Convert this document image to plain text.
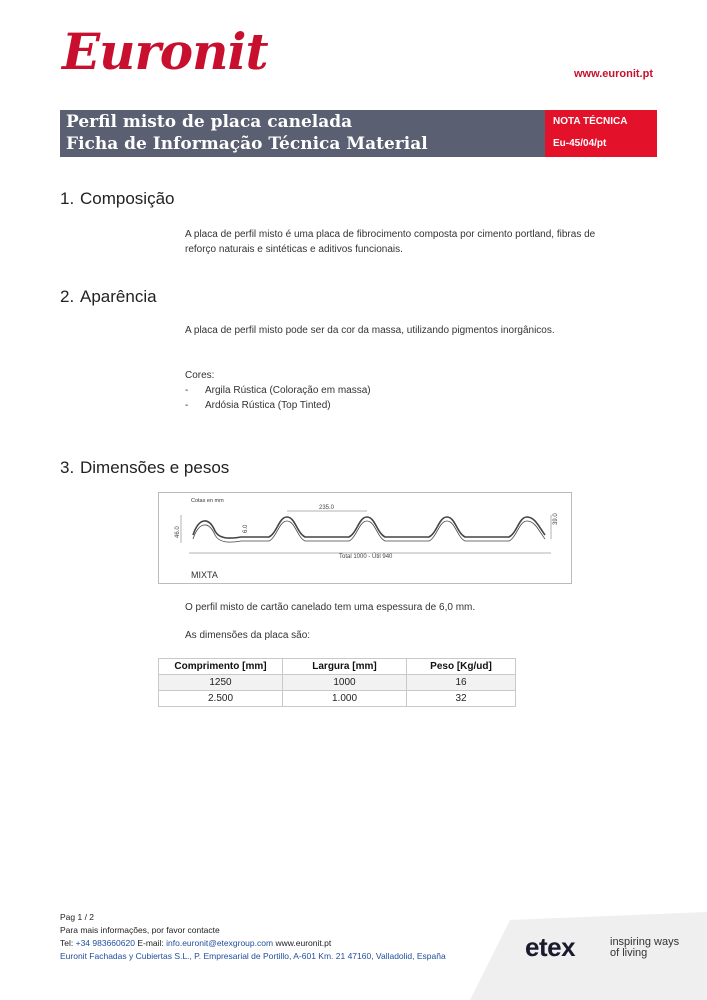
Euronit	www.euronit.pt
Perfil misto de placa canelada
Ficha de Informação Técnica Material
NOTA TÉCNICA
Eu-45/04/pt
1. Composição
A placa de perfil misto é uma placa de fibrocimento composta por cimento portland, fibras de
reforço naturais e sintéticas e aditivos funcionais.
2. Aparência
A placa de perfil misto pode ser da cor da massa, utilizando pigmentos inorgânicos.
Cores:
- Argila Rústica (Coloração em massa)
- Ardósia Rústica (Top Tinted)
3. Dimensões e pesos
Cotas en mm
235.0
46.0	6.0
39.0
Total 1000 - Útil 940
MIXTA
O perfil misto de cartão canelado tem uma espessura de 6,0 mm.
As dimensões da placa são:
Comprimento [mm]	Largura [mm]	Peso [Kg/ud]
1250	1000	16
2.500	1.000	32
Pag 1 / 2
Para mais informações, por favor contacte
Tel: +34 983660620 E-mail: info.euronit@etexgroup.com www.euronit.pt
Euronit Fachadas y Cubiertas S.L., P. Empresarial de Portillo, A-601 Km. 21 47160, Valladolid, España	etex	inspiring ways
of living
